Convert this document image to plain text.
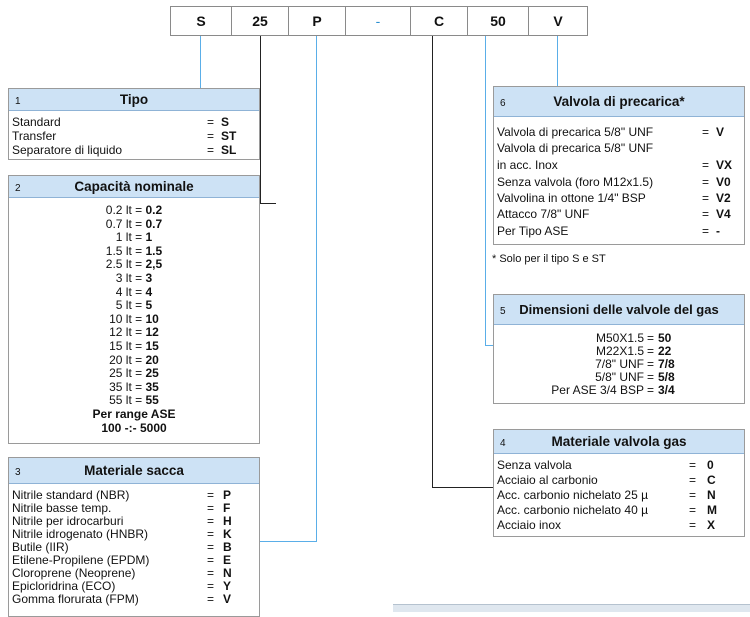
S	25	P	-	C	50	V
1	Tipo
Standard	= S
Transfer	= ST
Separatore di liquido	= SL
2	Capacità nominale
0.2 lt = 0.2
0.7 lt = 0.7
1 lt = 1
1.5 lt = 1.5
2.5 lt = 2,5
3 lt = 3
4 lt = 4
5 lt = 5
10 lt = 10
12 lt = 12
15 lt = 15
20 lt = 20
25 lt = 25
35 lt = 35
55 lt = 55
Per range ASE
100 -:- 5000
3	Materiale sacca
Nitrile standard (NBR)	= P
Nitrile basse temp.	= F
Nitrile per idrocarburi	= H
Nitrile idrogenato (HNBR)	= K
Butile (IIR)	= B
Etilene-Propilene (EPDM)	= E
Cloroprene (Neoprene)	= N
Epicloridrina (ECO)	= Y
Gomma florurata (FPM)	= V
6	Valvola di precarica*
Valvola di precarica 5/8" UNF	= V
Valvola di precarica 5/8" UNF
in acc. Inox	= VX
Senza valvola (foro M12x1.5)	= V0
Valvolina in ottone 1/4" BSP	= V2
Attacco 7/8" UNF	= V4
Per Tipo ASE	= -
* Solo per il tipo S e ST
5 Dimensioni delle valvole del gas
M50X1.5 = 50
M22X1.5 = 22
7/8" UNF = 7/8
5/8" UNF = 5/8
Per ASE 3/4 BSP = 3/4
4	Materiale valvola gas
Senza valvola	= 0
Acciaio al carbonio	= C
Acc. carbonio nichelato 25 µ	= N
Acc. carbonio nichelato 40 µ	= M
Acciaio inox	= X
